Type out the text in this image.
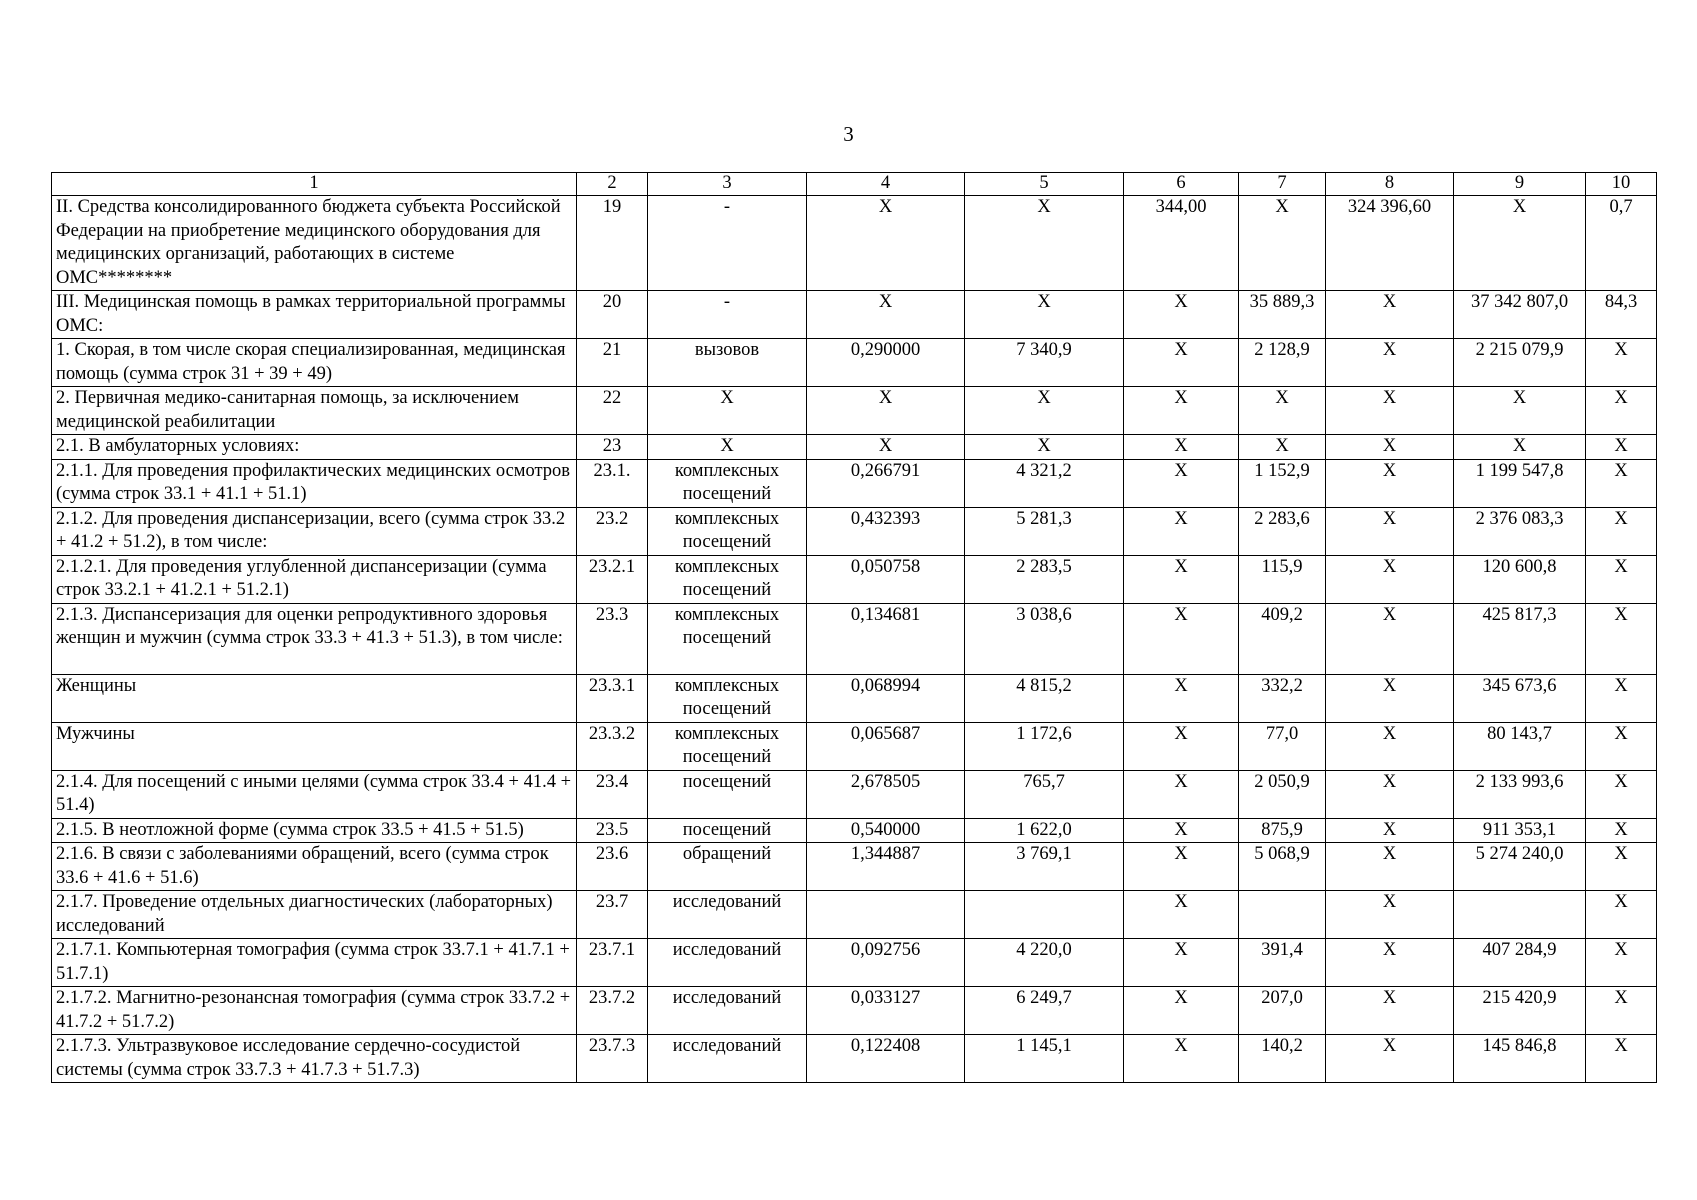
3
1	2	3	4	5	6	7	8	9	10
II. Средства консолидированного бюджета субъекта Российской Федерации на приобретение медицинского оборудования для медицинских организаций, работающих в системе ОМС********	19	-	X	X	344,00	X	324 396,60	X	0,7
III. Медицинская помощь в рамках территориальной программы ОМС:	20	-	X	X	X	35 889,3	X	37 342 807,0	84,3
1. Скорая, в том числе скорая специализированная, медицинская помощь (сумма строк 31 + 39 + 49)	21	вызовов	0,290000	7 340,9	X	2 128,9	X	2 215 079,9	X
2. Первичная медико-санитарная помощь, за исключением медицинской реабилитации	22	X	X	X	X	X	X	X	X
2.1. В амбулаторных условиях:	23	X	X	X	X	X	X	X	X
2.1.1. Для проведения профилактических медицинских осмотров (сумма строк 33.1 + 41.1 + 51.1)	23.1.	комплексных посещений	0,266791	4 321,2	X	1 152,9	X	1 199 547,8	X
2.1.2. Для проведения диспансеризации, всего (сумма строк 33.2 + 41.2 + 51.2), в том числе:	23.2	комплексных посещений	0,432393	5 281,3	X	2 283,6	X	2 376 083,3	X
2.1.2.1. Для проведения углубленной диспансеризации (сумма строк 33.2.1 + 41.2.1 + 51.2.1)	23.2.1	комплексных посещений	0,050758	2 283,5	X	115,9	X	120 600,8	X
2.1.3. Диспансеризация для оценки репродуктивного здоровья женщин и мужчин (сумма строк 33.3 + 41.3 + 51.3), в том числе:	23.3	комплексных посещений	0,134681	3 038,6	X	409,2	X	425 817,3	X
Женщины	23.3.1	комплексных посещений	0,068994	4 815,2	X	332,2	X	345 673,6	X
Мужчины	23.3.2	комплексных посещений	0,065687	1 172,6	X	77,0	X	80 143,7	X
2.1.4. Для посещений с иными целями (сумма строк 33.4 + 41.4 + 51.4)	23.4	посещений	2,678505	765,7	X	2 050,9	X	2 133 993,6	X
2.1.5. В неотложной форме (сумма строк 33.5 + 41.5 + 51.5)	23.5	посещений	0,540000	1 622,0	X	875,9	X	911 353,1	X
2.1.6. В связи с заболеваниями обращений, всего (сумма строк 33.6 + 41.6 + 51.6)	23.6	обращений	1,344887	3 769,1	X	5 068,9	X	5 274 240,0	X
2.1.7. Проведение отдельных диагностических (лабораторных) исследований	23.7	исследований			X		X		X
2.1.7.1. Компьютерная томография (сумма строк 33.7.1 + 41.7.1 + 51.7.1)	23.7.1	исследований	0,092756	4 220,0	X	391,4	X	407 284,9	X
2.1.7.2. Магнитно-резонансная томография (сумма строк 33.7.2 + 41.7.2 + 51.7.2)	23.7.2	исследований	0,033127	6 249,7	X	207,0	X	215 420,9	X
2.1.7.3. Ультразвуковое исследование сердечно-сосудистой системы (сумма строк 33.7.3 + 41.7.3 + 51.7.3)	23.7.3	исследований	0,122408	1 145,1	X	140,2	X	145 846,8	X
